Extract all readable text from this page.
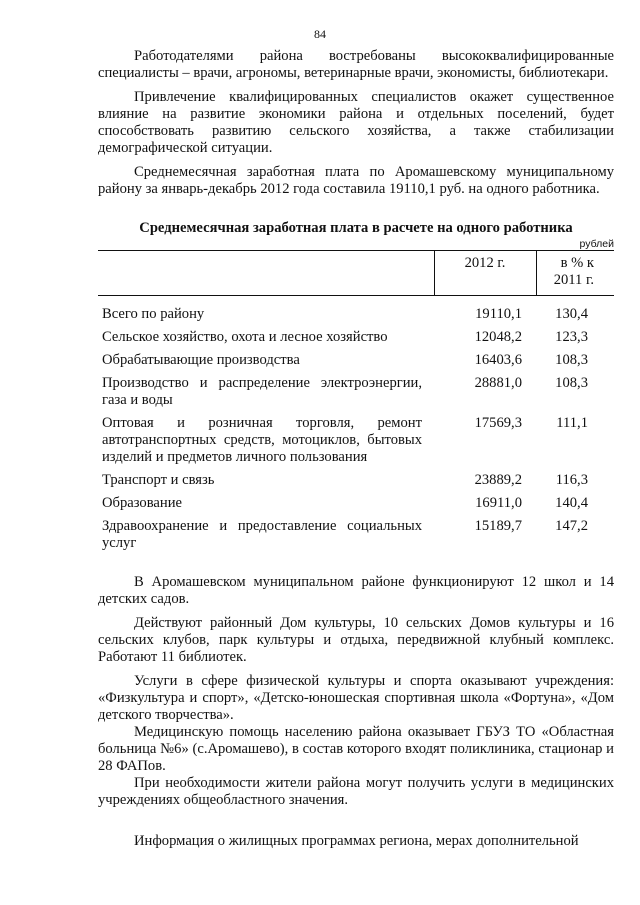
84

Работодателями района востребованы высококвалифицированные специалисты – врачи, агрономы, ветеринарные врачи, экономисты, библиотекари.

Привлечение квалифицированных специалистов окажет существенное влияние на развитие экономики района и отдельных поселений, будет способствовать развитию сельского хозяйства, а также стабилизации демографической ситуации.

Среднемесячная заработная плата по Аромашевскому муниципальному району за январь-декабрь 2012 года составила 19110,1 руб. на одного работника.

Среднемесячная заработная плата в расчете на одного работника

рублей

	2012 г.	в % к 2011 г.
Всего по району	19110,1	130,4
Сельское хозяйство, охота и лесное хозяйство	12048,2	123,3
Обрабатывающие производства	16403,6	108,3
Производство и распределение электроэнергии, газа и воды	28881,0	108,3
Оптовая и розничная торговля, ремонт автотранспортных средств, мотоциклов, бытовых изделий и предметов личного пользования	17569,3	111,1
Транспорт и связь	23889,2	116,3
Образование	16911,0	140,4
Здравоохранение и предоставление социальных услуг	15189,7	147,2

В Аромашевском муниципальном районе функционируют 12 школ и 14 детских садов.

Действуют районный Дом культуры, 10 сельских Домов культуры и 16 сельских клубов, парк культуры и отдыха, передвижной клубный комплекс. Работают 11 библиотек.

Услуги в сфере физической культуры и спорта оказывают учреждения: «Физкультура и спорт», «Детско-юношеская спортивная школа «Фортуна», «Дом детского творчества».

Медицинскую помощь населению района оказывает ГБУЗ ТО «Областная больница №6» (с.Аромашево), в состав которого входят поликлиника, стационар и 28 ФАПов.

При необходимости жители района могут получить услуги в медицинских учреждениях общеобластного значения.

Информация о жилищных программах региона, мерах дополнительной
